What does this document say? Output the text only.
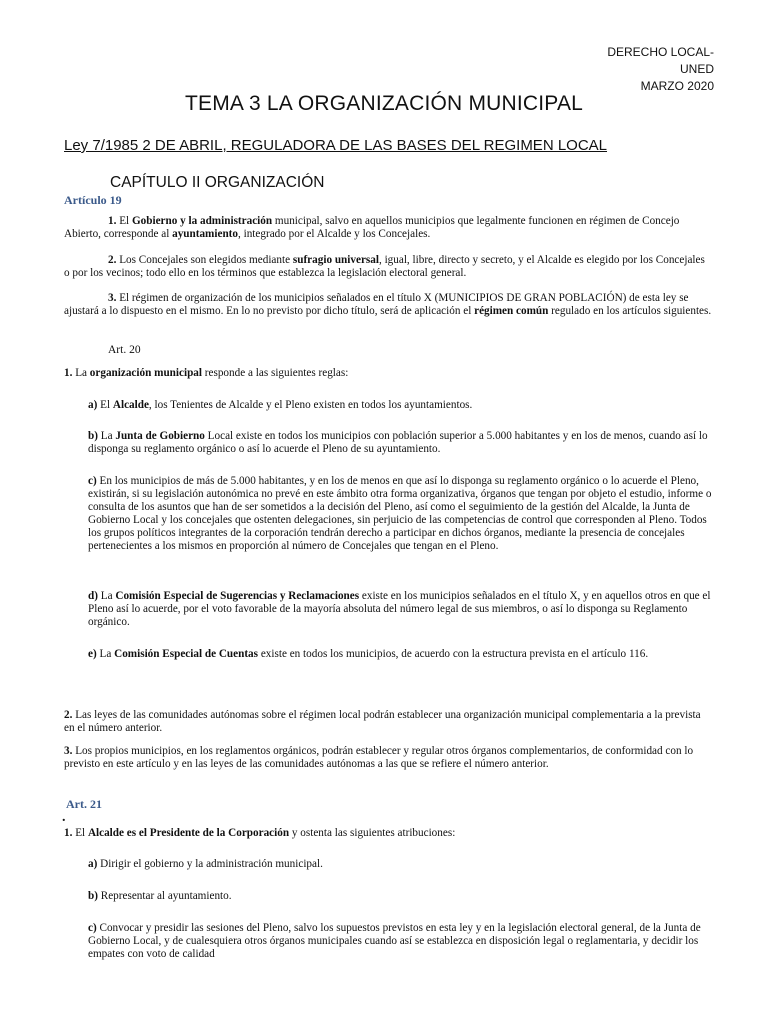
DERECHO LOCAL-
UNED
MARZO 2020
TEMA 3 LA ORGANIZACIÓN MUNICIPAL
Ley 7/1985 2 DE ABRIL, REGULADORA DE LAS BASES DEL REGIMEN LOCAL
CAPÍTULO II ORGANIZACIÓN
Artículo 19
1. El Gobierno y la administración municipal, salvo en aquellos municipios que legalmente funcionen en régimen de Concejo Abierto, corresponde al ayuntamiento, integrado por el Alcalde y los Concejales.
2. Los Concejales son elegidos mediante sufragio universal, igual, libre, directo y secreto, y el Alcalde es elegido por los Concejales o por los vecinos; todo ello en los términos que establezca la legislación electoral general.
3. El régimen de organización de los municipios señalados en el título X (MUNICIPIOS DE GRAN POBLACIÓN) de esta ley se ajustará a lo dispuesto en el mismo. En lo no previsto por dicho título, será de aplicación el régimen común regulado en los artículos siguientes.
Art. 20
1. La organización municipal responde a las siguientes reglas:
a) El Alcalde, los Tenientes de Alcalde y el Pleno existen en todos los ayuntamientos.
b) La Junta de Gobierno Local existe en todos los municipios con población superior a 5.000 habitantes y en los de menos, cuando así lo disponga su reglamento orgánico o así lo acuerde el Pleno de su ayuntamiento.
c) En los municipios de más de 5.000 habitantes, y en los de menos en que así lo disponga su reglamento orgánico o lo acuerde el Pleno, existirán, si su legislación autonómica no prevé en este ámbito otra forma organizativa, órganos que tengan por objeto el estudio, informe o consulta de los asuntos que han de ser sometidos a la decisión del Pleno, así como el seguimiento de la gestión del Alcalde, la Junta de Gobierno Local y los concejales que ostenten delegaciones, sin perjuicio de las competencias de control que corresponden al Pleno. Todos los grupos políticos integrantes de la corporación tendrán derecho a participar en dichos órganos, mediante la presencia de concejales pertenecientes a los mismos en proporción al número de Concejales que tengan en el Pleno.
d) La Comisión Especial de Sugerencias y Reclamaciones existe en los municipios señalados en el título X, y en aquellos otros en que el Pleno así lo acuerde, por el voto favorable de la mayoría absoluta del número legal de sus miembros, o así lo disponga su Reglamento orgánico.
e) La Comisión Especial de Cuentas existe en todos los municipios, de acuerdo con la estructura prevista en el artículo 116.
2. Las leyes de las comunidades autónomas sobre el régimen local podrán establecer una organización municipal complementaria a la prevista en el número anterior.
3. Los propios municipios, en los reglamentos orgánicos, podrán establecer y regular otros órganos complementarios, de conformidad con lo previsto en este artículo y en las leyes de las comunidades autónomas a las que se refiere el número anterior.
.
Art. 21
1. El Alcalde es el Presidente de la Corporación y ostenta las siguientes atribuciones:
a) Dirigir el gobierno y la administración municipal.
b) Representar al ayuntamiento.
c) Convocar y presidir las sesiones del Pleno, salvo los supuestos previstos en esta ley y en la legislación electoral general, de la Junta de Gobierno Local, y de cualesquiera otros órganos municipales cuando así se establezca en disposición legal o reglamentaria, y decidir los empates con voto de calidad
